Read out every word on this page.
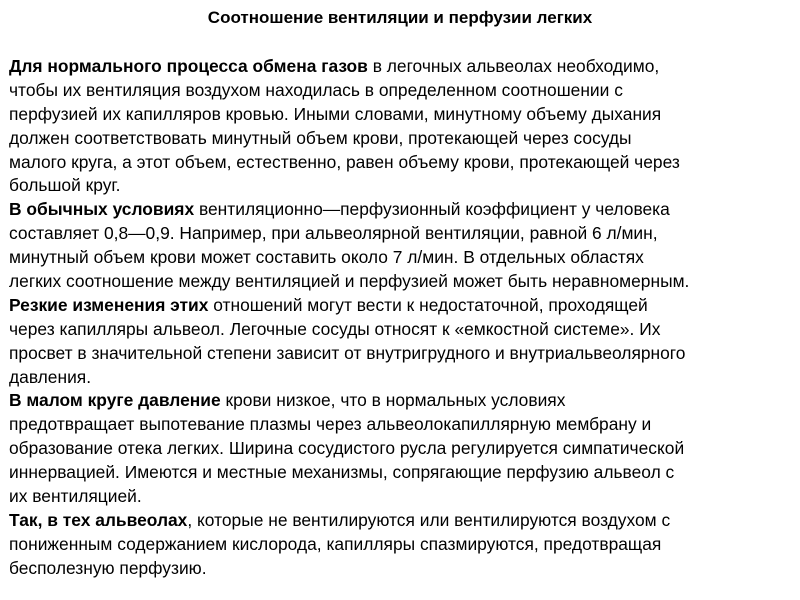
Соотношение вентиляции и перфузии легких
Для нормального процесса обмена газов в легочных альвеолах необходимо,
чтобы их вентиляция воздухом находилась в определенном соотношении с
перфузией их капилляров кровью. Иными словами, минутному объему дыхания
должен соответствовать минутный объем крови, протекающей через сосуды
малого круга, а этот объем, естественно, равен объему крови, протекающей через
большой круг.
В обычных условиях вентиляционно—перфузионный коэффициент у человека
составляет 0,8—0,9. Например, при альвеолярной вентиляции, равной 6 л/мин,
минутный объем крови может составить около 7 л/мин. В отдельных областях
легких соотношение между вентиляцией и перфузией может быть неравномерным.
Резкие изменения этих отношений могут вести к недостаточной, проходящей
через капилляры альвеол. Легочные сосуды относят к «емкостной системе». Их
просвет в значительной степени зависит от внутригрудного и внутриальвеолярного
давления.
В малом круге давление крови низкое, что в нормальных условиях
предотвращает выпотевание плазмы через альвеолокапиллярную мембрану и
образование отека легких. Ширина сосудистого русла регулируется симпатической
иннервацией. Имеются и местные механизмы, сопрягающие перфузию альвеол с
их вентиляцией.
Так, в тех альвеолах, которые не вентилируются или вентилируются воздухом с
пониженным содержанием кислорода, капилляры спазмируются, предотвращая
бесполезную перфузию.
